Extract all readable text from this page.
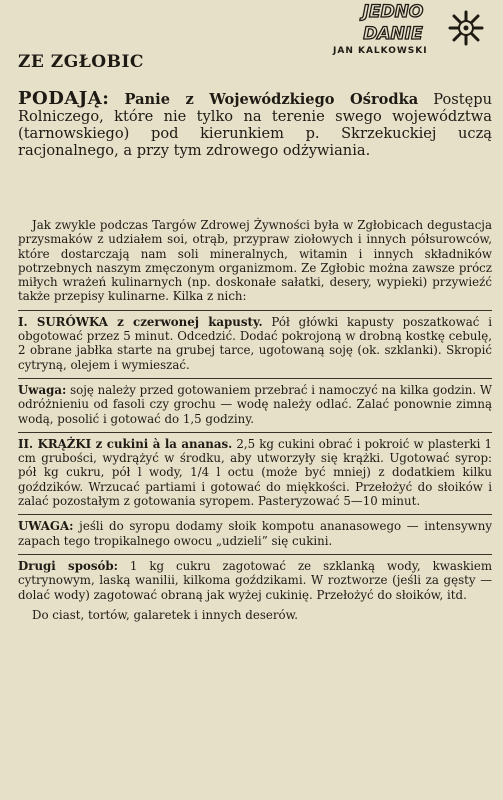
ZE ZGŁOBIC
JEDNO
DANIE
JAN KALKOWSKI
PODAJĄ: Panie z Wojewódzkiego Ośrodka Postępu Rolniczego, które nie tylko na terenie swego województwa (tarnowskiego) pod kierunkiem p. Skrzekuckiej uczą racjonalnego, a przy tym zdrowego odżywiania.

Jak zwykle podczas Targów Zdrowej Żywności była w Zgłobicach degustacja przysmaków z udziałem soi, otrąb, przypraw ziołowych i innych półsurowców, które dostarczają nam soli mineralnych, witamin i innych składników potrzebnych naszym zmęczonym organizmom. Ze Zgłobic można zawsze prócz miłych wrażeń kulinarnych (np. doskonałe sałatki, desery, wypieki) przywieźć także przepisy kulinarne. Kilka z nich:

I. SURÓWKA z czerwonej kapusty. Pół główki kapusty poszatkować i obgotować przez 5 minut. Odcedzić. Dodać pokrojoną w drobną kostkę cebulę, 2 obrane jabłka starte na grubej tarce, ugotowaną soję (ok. szklanki). Skropić cytryną, olejem i wymieszać.

Uwaga: soję należy przed gotowaniem przebrać i namoczyć na kilka godzin. W odróżnieniu od fasoli czy grochu — wodę należy odlać. Zalać ponownie zimną wodą, posolić i gotować do 1,5 godziny.

II. KRĄŻKI z cukini à la ananas. 2,5 kg cukini obrać i pokroić w plasterki 1 cm grubości, wydrążyć w środku, aby utworzyły się krążki. Ugotować syrop: pół kg cukru, pół l wody, 1/4 l octu (może być mniej) z dodatkiem kilku goździków. Wrzucać partiami i gotować do miękkości. Przełożyć do słoików i zalać pozostałym z gotowania syropem. Pasteryzować 5—10 minut.

UWAGA: jeśli do syropu dodamy słoik kompotu ananasowego — intensywny zapach tego tropikalnego owocu „udzieli” się cukini.

Drugi sposób: 1 kg cukru zagotować ze szklanką wody, kwaskiem cytrynowym, laską wanilii, kilkoma goździkami. W roztworze (jeśli za gęsty — dolać wody) zagotować obraną jak wyżej cukinię. Przełożyć do słoików, itd.

Do ciast, tortów, galaretek i innych deserów.
